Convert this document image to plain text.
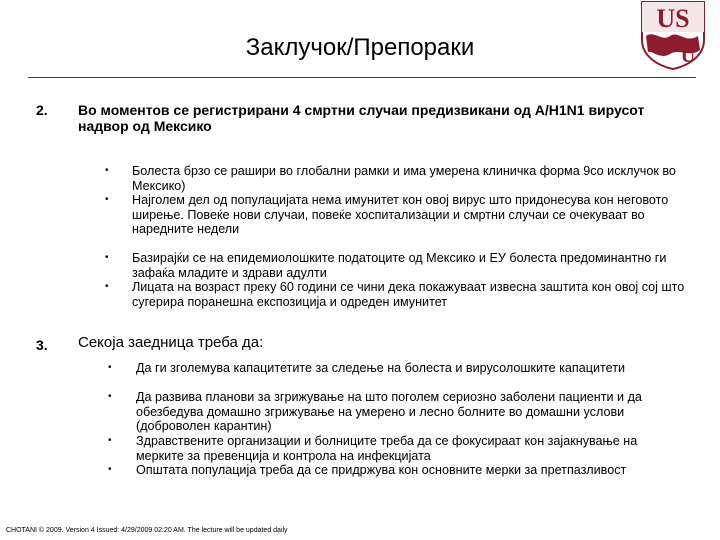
Заклучок/Препораки
US
U
2. Во моментов се регистрирани 4 смртни случаи предизвикани од А/H1N1 вирусот надвор од Мексико
• Болеста брзо се рашири во глобални рамки и има умерена клиничка форма 9со исклучок во Мексико)
• Најголем дел од популацијата нема имунитет кон овој вирус што придонесува кон неговото ширење. Повеќе нови случаи, повеќе хоспитализации и смртни случаи се очекуваат во наредните недели
• Базирајќи се на епидемиолошките податоците од Мексико и ЕУ болеста предоминантно ги зафаќа младите и здрави адулти
• Лицата на возраст преку 60 години се чини дека покажуваат извесна заштита кон овој сој што сугерира поранешна експозиција и одреден имунитет
3. Секоја заедница треба да:
• Да ги зголемува капацитетите за следење на болеста и вирусолошките капацитети
• Да развива планови за згрижување на што поголем сериозно заболени пациенти и да обезбедува домашно згрижување на умерено и лесно болните во домашни услови (доброволен карантин)
• Здравствените организации и болниците треба да се фокусираат кон зајакнување на мерките за превенција и контрола на инфекцијата
• Општата популација треба да се придржува кон основните мерки за претпазливост
CHOTANI © 2009. Version 4 Issued: 4/29/2009 02:20 AM. The lecture will be updated daily
